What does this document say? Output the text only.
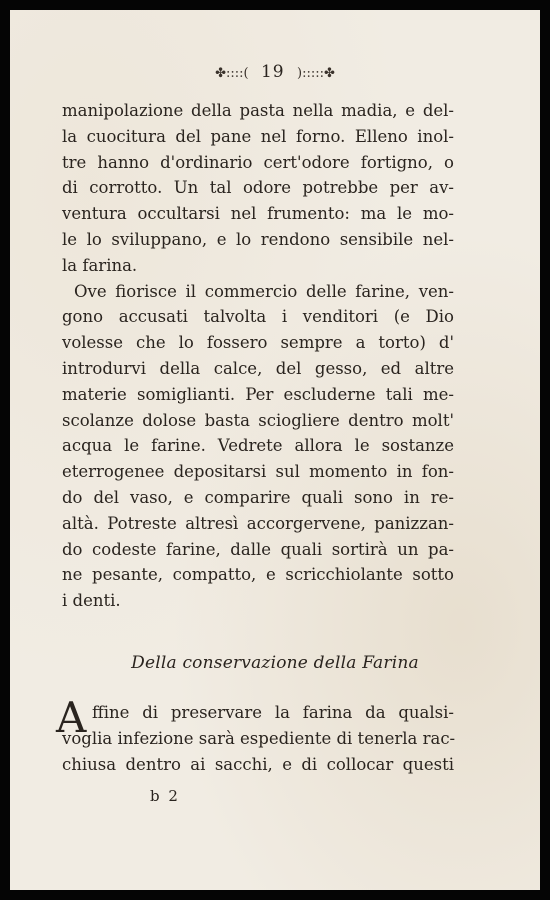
✤::::( 19 ):::::✤
manipolazione della pasta nella madia, e del-
la cuocitura del pane nel forno. Elleno inol-
tre hanno d'ordinario cert'odore fortigno, o
di corrotto. Un tal odore potrebbe per av-
ventura occultarsi nel frumento: ma le mo-
le lo sviluppano, e lo rendono sensibile nel-
la farina.
Ove fiorisce il commercio delle farine, ven-
gono accusati talvolta i venditori (e Dio
volesse che lo fossero sempre a torto) d'
introdurvi della calce, del gesso, ed altre
materie somiglianti. Per escluderne tali me-
scolanze dolose basta sciogliere dentro molt'
acqua le farine. Vedrete allora le sostanze
eterrogenee depositarsi sul momento in fon-
do del vaso, e comparire quali sono in re-
altà. Potreste altresì accorgervene, panizzan-
do codeste farine, dalle quali sortirà un pa-
ne pesante, compatto, e scricchiolante sotto
i denti.
Della conservazione della Farina
A ffine di preservare la farina da qualsi-
voglia infezione sarà espediente di tenerla rac-
chiusa dentro ai sacchi, e di collocar questi
b 2
